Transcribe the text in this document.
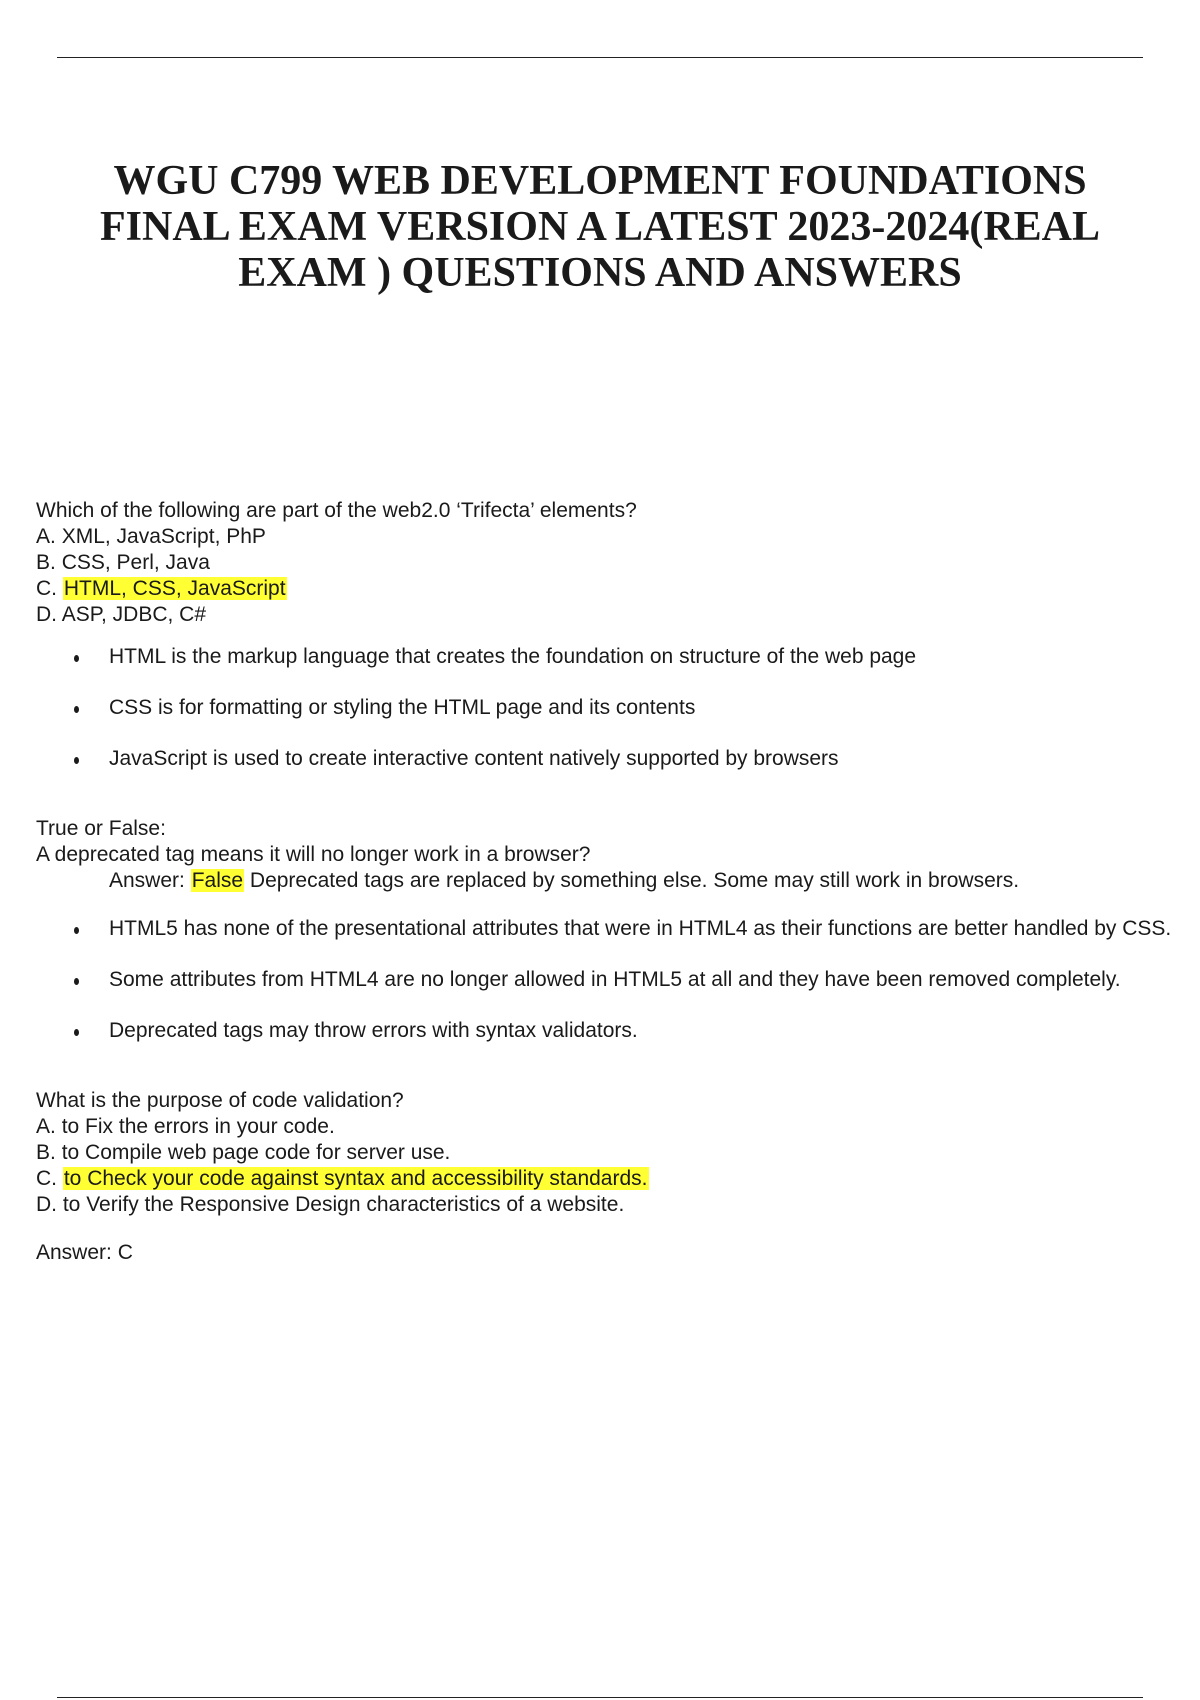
WGU C799 WEB DEVELOPMENT FOUNDATIONS FINAL EXAM VERSION A LATEST 2023-2024(REAL EXAM ) QUESTIONS AND ANSWERS

Which of the following are part of the web2.0 ‘Trifecta’ elements?

A. XML, JavaScript, PhP

B. CSS, Perl, Java

C. HTML, CSS, JavaScript

D. ASP, JDBC, C#

HTML is the markup language that creates the foundation on structure of the web page
CSS is for formatting or styling the HTML page and its contents
JavaScript is used to create interactive content natively supported by browsers

True or False:

A deprecated tag means it will no longer work in a browser?

Answer: False Deprecated tags are replaced by something else. Some may still work in browsers.

HTML5 has none of the presentational attributes that were in HTML4 as their functions are better handled by CSS.
Some attributes from HTML4 are no longer allowed in HTML5 at all and they have been removed completely.
Deprecated tags may throw errors with syntax validators.

What is the purpose of code validation?

A. to Fix the errors in your code.

B. to Compile web page code for server use.

C. to Check your code against syntax and accessibility standards.

D. to Verify the Responsive Design characteristics of a website.

Answer: C
